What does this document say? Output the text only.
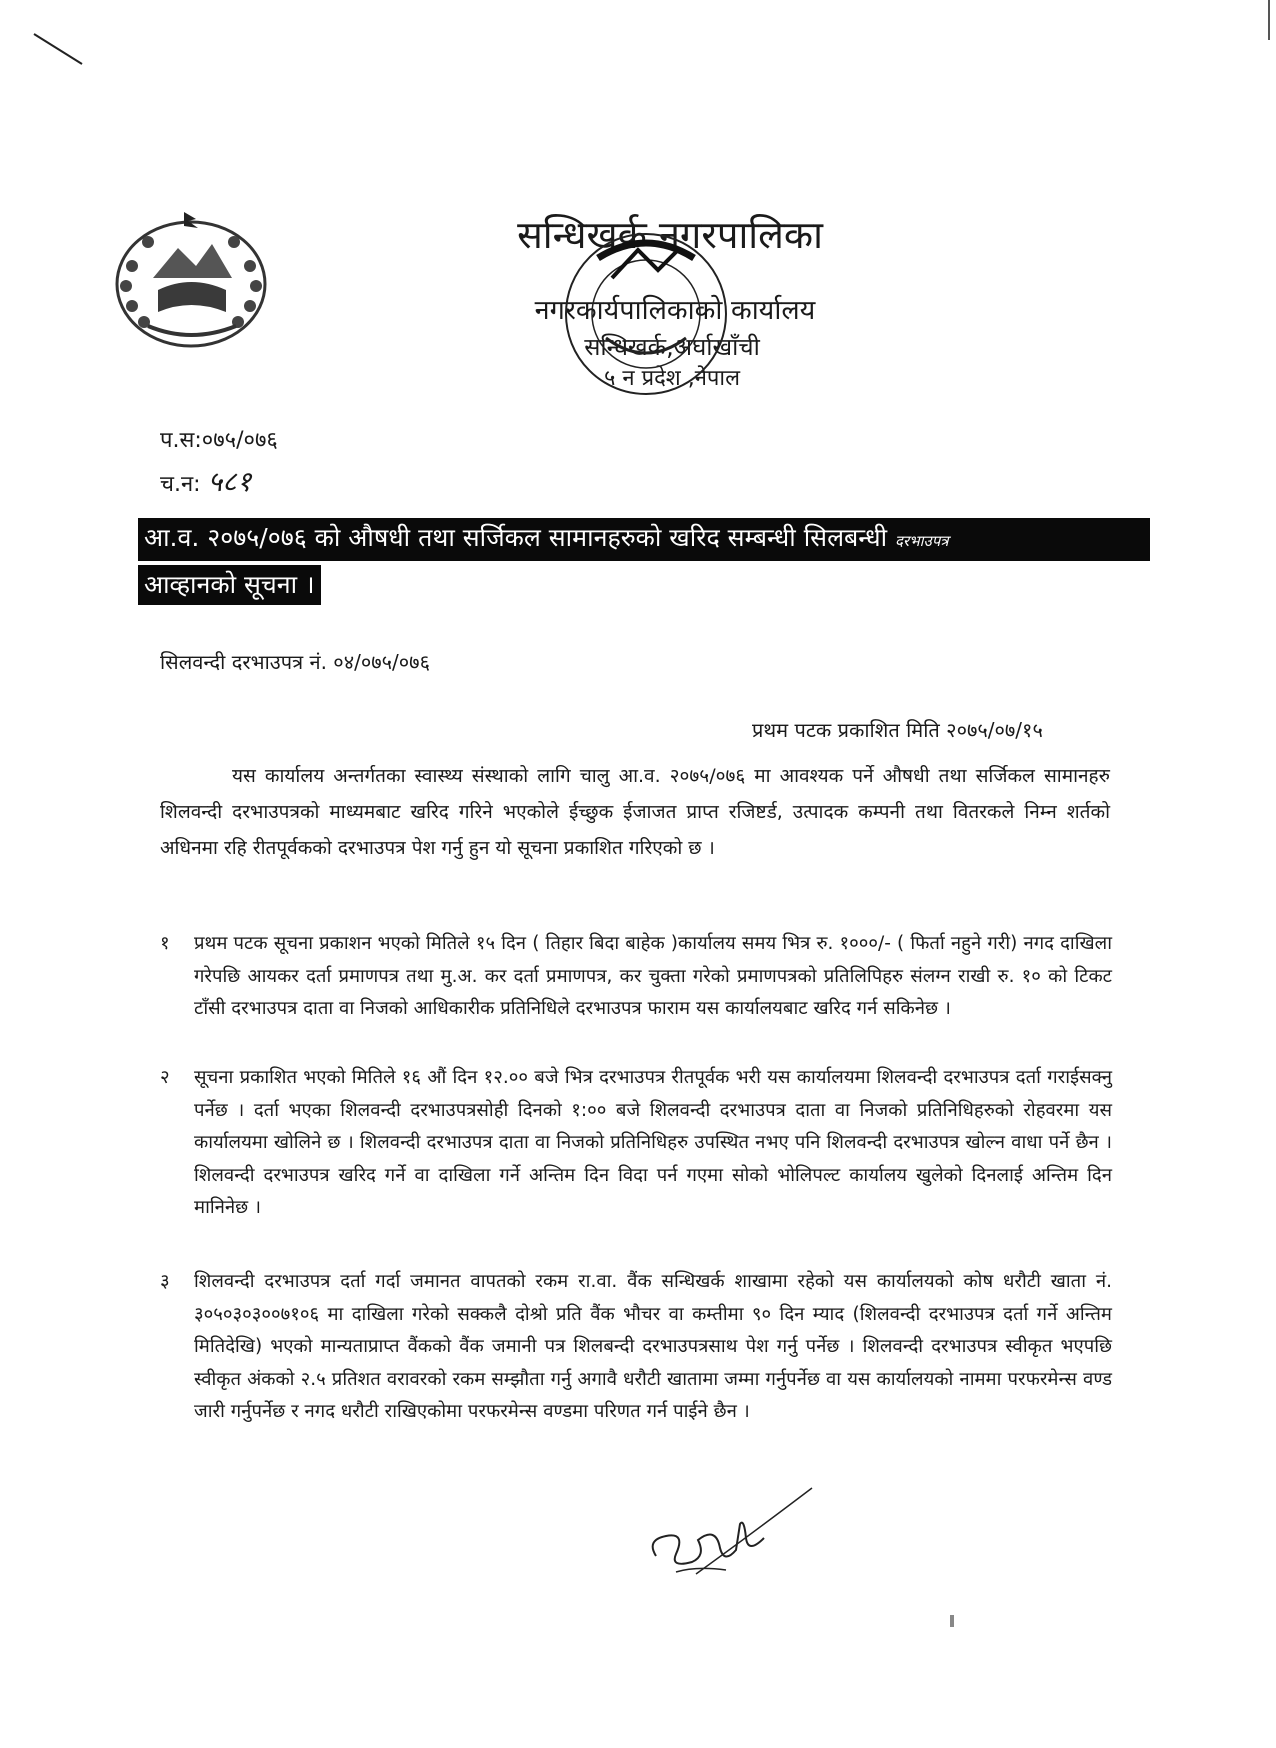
सन्धिखर्क नगरपालिका
नगरकार्यपालिकाको कार्यालय
सन्धिखर्क,अर्घाखाँची
५ न प्रदेश ,नेपाल
प.स:०७५/०७६
च.न: ५८१
आ.व. २०७५/०७६ को औषधी तथा सर्जिकल सामानहरुको खरिद सम्बन्धी सिलबन्धी दरभाउपत्र
आव्हानको सूचना ।
सिलवन्दी दरभाउपत्र नं. ०४/०७५/०७६
प्रथम पटक प्रकाशित मिति २०७५/०७/१५
यस कार्यालय अन्तर्गतका स्वास्थ्य संस्थाको लागि चालु आ.व. २०७५/०७६ मा आवश्यक पर्ने औषधी तथा सर्जिकल सामानहरु शिलवन्दी दरभाउपत्रको माध्यमबाट खरिद गरिने भएकोले ईच्छुक ईजाजत प्राप्त रजिष्टर्ड, उत्पादक कम्पनी तथा वितरकले निम्न शर्तको अधिनमा रहि रीतपूर्वकको दरभाउपत्र पेश गर्नु हुन यो सूचना प्रकाशित गरिएको छ ।
१	प्रथम पटक सूचना प्रकाशन भएको मितिले १५ दिन ( तिहार बिदा बाहेक )कार्यालय समय भित्र रु. १०००/- ( फिर्ता नहुने गरी) नगद दाखिला गरेपछि आयकर दर्ता प्रमाणपत्र तथा मु.अ. कर दर्ता प्रमाणपत्र, कर चुक्ता गरेको प्रमाणपत्रको प्रतिलिपिहरु संलग्न राखी रु. १० को टिकट टाँसी दरभाउपत्र दाता वा निजको आधिकारीक प्रतिनिधिले दरभाउपत्र फाराम यस कार्यालयबाट खरिद गर्न सकिनेछ ।
२	सूचना प्रकाशित भएको मितिले १६ औं दिन १२.०० बजे भित्र दरभाउपत्र रीतपूर्वक भरी यस कार्यालयमा शिलवन्दी दरभाउपत्र दर्ता गराईसक्नु पर्नेछ । दर्ता भएका शिलवन्दी दरभाउपत्रसोही दिनको १:०० बजे शिलवन्दी दरभाउपत्र दाता वा निजको प्रतिनिधिहरुको रोहवरमा यस कार्यालयमा खोलिने छ । शिलवन्दी दरभाउपत्र दाता वा निजको प्रतिनिधिहरु उपस्थित नभए पनि शिलवन्दी दरभाउपत्र खोल्न वाधा पर्ने छैन । शिलवन्दी दरभाउपत्र खरिद गर्ने वा दाखिला गर्ने अन्तिम दिन विदा पर्न गएमा सोको भोलिपल्ट कार्यालय खुलेको दिनलाई अन्तिम दिन मानिनेछ ।
३	शिलवन्दी दरभाउपत्र दर्ता गर्दा जमानत वापतको रकम रा.वा. वैंक सन्धिखर्क शाखामा रहेको यस कार्यालयको कोष धरौटी खाता नं. ३०५०३०३००७१०६ मा दाखिला गरेको सक्कलै दोश्रो प्रति वैंक भौचर वा कम्तीमा ९० दिन म्याद (शिलवन्दी दरभाउपत्र दर्ता गर्ने अन्तिम मितिदेखि) भएको मान्यताप्राप्त वैंकको वैंक जमानी पत्र शिलबन्दी दरभाउपत्रसाथ पेश गर्नु पर्नेछ । शिलवन्दी दरभाउपत्र स्वीकृत भएपछि स्वीकृत अंकको २.५ प्रतिशत वरावरको रकम सम्झौता गर्नु अगावै धरौटी खातामा जम्मा गर्नुपर्नेछ वा यस कार्यालयको नाममा परफरमेन्स वण्ड जारी गर्नुपर्नेछ र नगद धरौटी राखिएकोमा परफरमेन्स वण्डमा परिणत गर्न पाईने छैन ।
